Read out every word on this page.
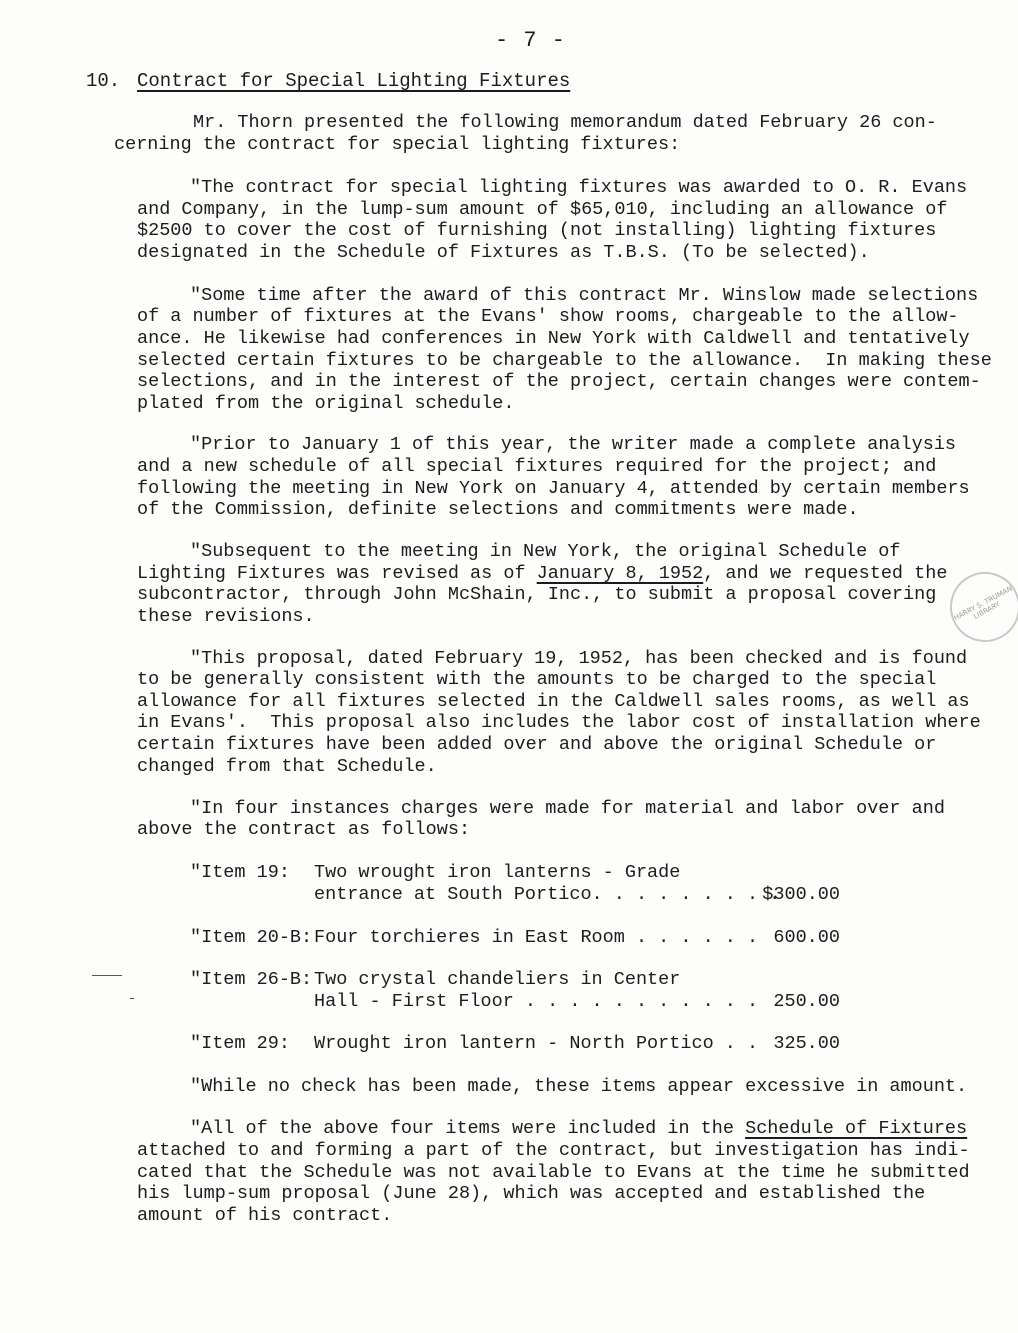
- 7 -
10. Contract for Special Lighting Fixtures
Mr. Thorn presented the following memorandum dated February 26 con-
cerning the contract for special lighting fixtures:
"The contract for special lighting fixtures was awarded to O. R. Evans
and Company, in the lump-sum amount of $65,010, including an allowance of
$2500 to cover the cost of furnishing (not installing) lighting fixtures
designated in the Schedule of Fixtures as T.B.S. (To be selected).
"Some time after the award of this contract Mr. Winslow made selections
of a number of fixtures at the Evans' show rooms, chargeable to the allow-
ance. He likewise had conferences in New York with Caldwell and tentatively
selected certain fixtures to be chargeable to the allowance.  In making these
selections, and in the interest of the project, certain changes were contem-
plated from the original schedule.
"Prior to January 1 of this year, the writer made a complete analysis
and a new schedule of all special fixtures required for the project; and
following the meeting in New York on January 4, attended by certain members
of the Commission, definite selections and commitments were made.
"Subsequent to the meeting in New York, the original Schedule of
Lighting Fixtures was revised as of January 8, 1952, and we requested the
subcontractor, through John McShain, Inc., to submit a proposal covering
these revisions.
"This proposal, dated February 19, 1952, has been checked and is found
to be generally consistent with the amounts to be charged to the special
allowance for all fixtures selected in the Caldwell sales rooms, as well as
in Evans'.  This proposal also includes the labor cost of installation where
certain fixtures have been added over and above the original Schedule or
changed from that Schedule.
"In four instances charges were made for material and labor over and
above the contract as follows:
"Item 19: Two wrought iron lanterns - Grade
entrance at South Portico. . . . . . . . .
$300.00
"Item 20-B: Four torchieres in East Room . . . . . . 600.00
"Item 26-B: Two crystal chandeliers in Center
Hall - First Floor . . . . . . . . . . . 250.00
"Item 29: Wrought iron lantern - North Portico . . 325.00
"While no check has been made, these items appear excessive in amount.
"All of the above four items were included in the Schedule of Fixtures
attached to and forming a part of the contract, but investigation has indi-
cated that the Schedule was not available to Evans at the time he submitted
his lump-sum proposal (June 28), which was accepted and established the
amount of his contract.
HARRY S. TRUMAN LIBRARY
